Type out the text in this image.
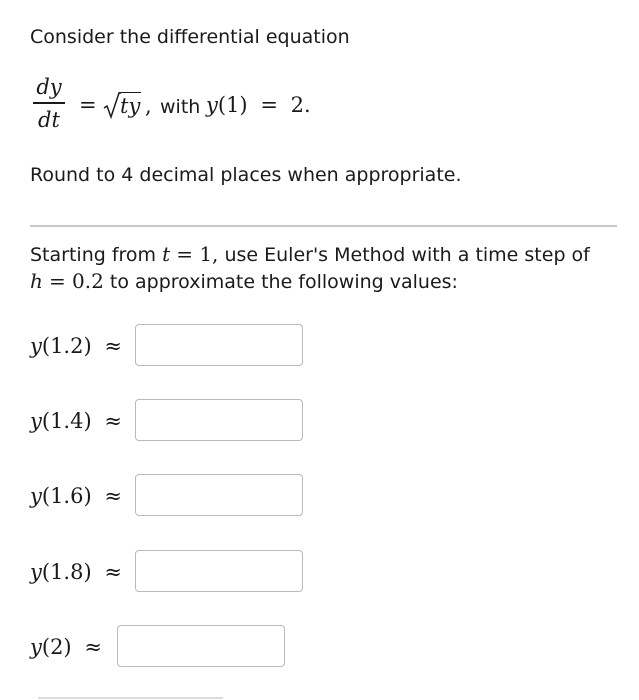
Consider the differential equation
dy
dt
= ty , with y(1) = 2.
Round to 4 decimal places when appropriate.
Starting from t = 1, use Euler's Method with a time step of
h = 0.2 to approximate the following values:
y(1.2) ≈
y(1.4) ≈
y(1.6) ≈
y(1.8) ≈
y(2) ≈
